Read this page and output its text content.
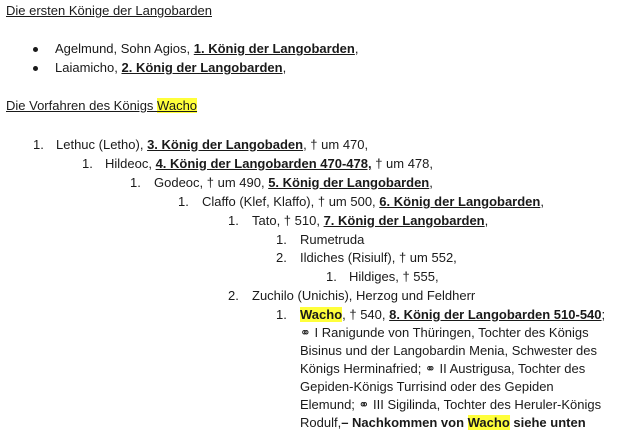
Die ersten Könige der Langobarden
Agelmund, Sohn Agios, 1. König der Langobarden,
Laiamicho, 2. König der Langobarden,
Die Vorfahren des Königs Wacho
1. Lethuc (Letho), 3. König der Langobaden, † um 470,
1. Hildeoc, 4. König der Langobarden 470-478, † um 478,
1. Godeoc, † um 490, 5. König der Langobarden,
1. Claffo (Klef, Klaffo), † um 500, 6. König der Langobarden,
1. Tato, † 510, 7. König der Langobarden,
1. Rumetruda
2. Ildiches (Risiulf), † um 552,
1. Hildiges, † 555,
2. Zuchilo (Unichis), Herzog und Feldherr
1. Wacho, † 540, 8. König der Langobarden 510-540;
⚭ I Ranigunde von Thüringen, Tochter des Königs
Bisinus und der Langobardin Menia, Schwester des
Königs Herminafried; ⚭ II Austrigusa, Tochter des
Gepiden-Königs Turrisind oder des Gepiden
Elemund; ⚭ III Sigilinda, Tochter des Heruler-Königs
Rodulf,– Nachkommen von Wacho siehe unten
